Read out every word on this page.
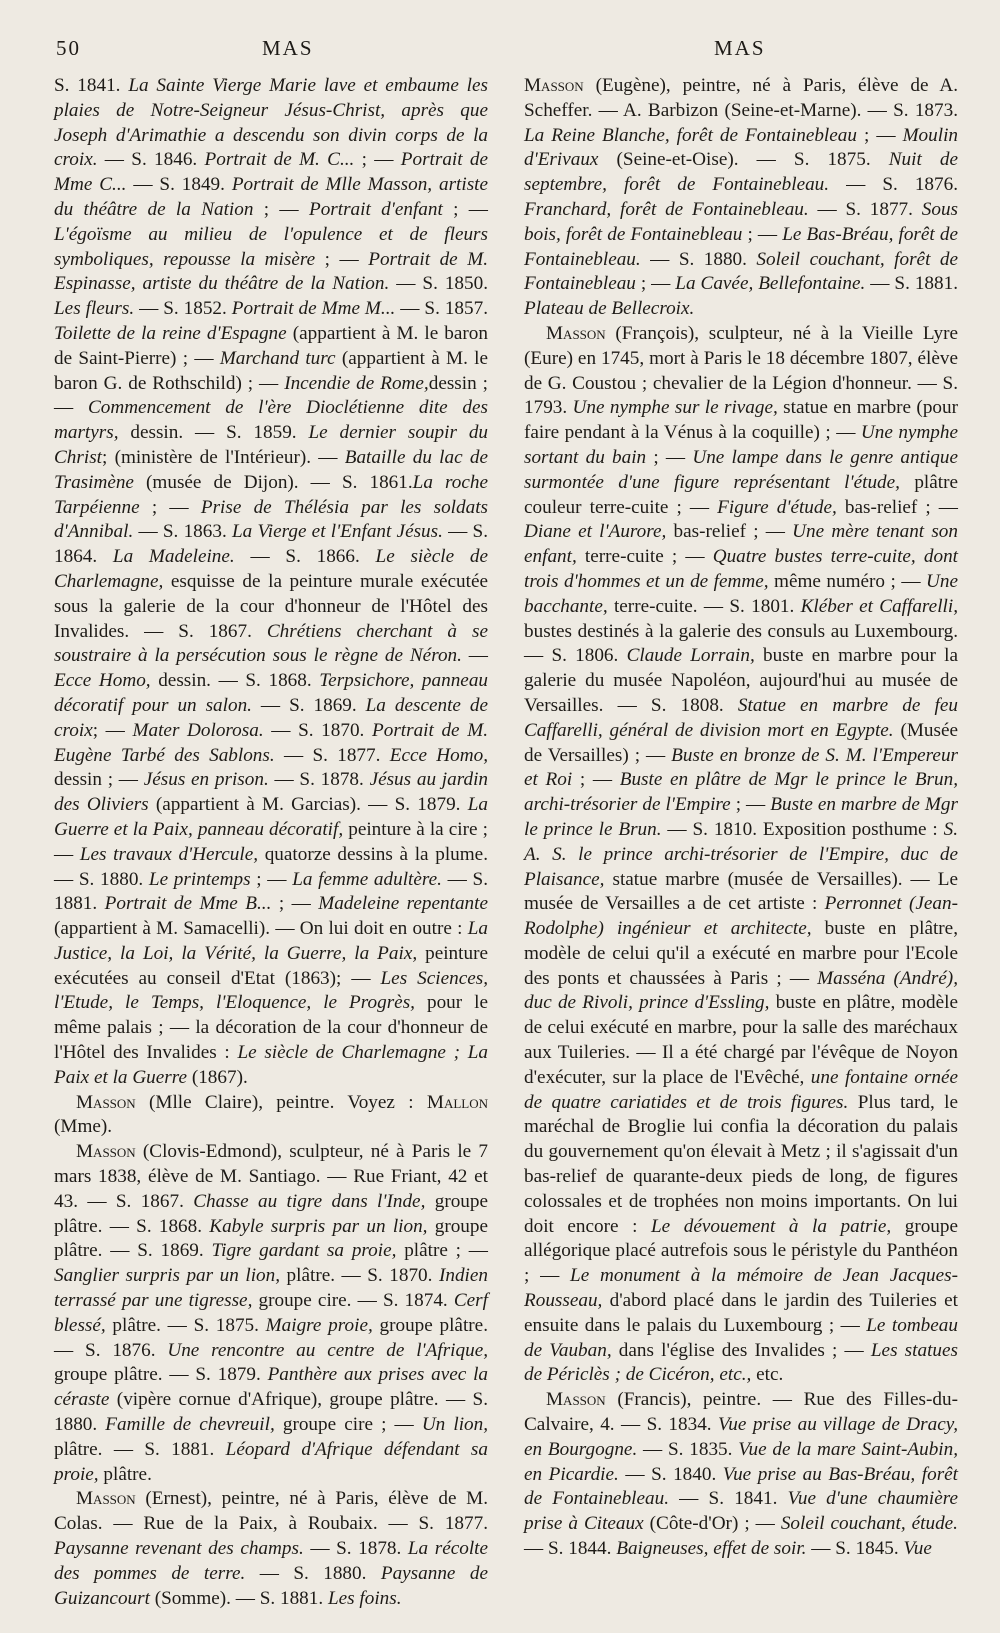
50	MAS	MAS

S. 1841. La Sainte Vierge Marie lave et embaume les plaies de Notre-Seigneur Jésus-Christ, après que Joseph d'Arimathie a descendu son divin corps de la croix. — S. 1846. Portrait de M. C... ; — Portrait de Mme C... — S. 1849. Portrait de Mlle Masson, artiste du théâtre de la Nation ; — Portrait d'enfant ; — L'égoïsme au milieu de l'opulence et de fleurs symboliques, repousse la misère ; — Portrait de M. Espinasse, artiste du théâtre de la Nation. — S. 1850. Les fleurs. — S. 1852. Portrait de Mme M... — S. 1857. Toilette de la reine d'Espagne (appartient à M. le baron de Saint-Pierre) ; — Marchand turc (appartient à M. le baron G. de Rothschild) ; — Incendie de Rome,dessin ; — Commencement de l'ère Dioclétienne dite des martyrs, dessin. — S. 1859. Le dernier soupir du Christ; (ministère de l'Intérieur). — Bataille du lac de Trasimène (musée de Dijon). — S. 1861.La roche Tarpéienne ; — Prise de Thélésia par les soldats d'Annibal. — S. 1863. La Vierge et l'Enfant Jésus. — S. 1864. La Madeleine. — S. 1866. Le siècle de Charlemagne, esquisse de la peinture murale exécutée sous la galerie de la cour d'honneur de l'Hôtel des Invalides. — S. 1867. Chrétiens cherchant à se soustraire à la persécution sous le règne de Néron. — Ecce Homo, dessin. — S. 1868. Terpsichore, panneau décoratif pour un salon. — S. 1869. La descente de croix; — Mater Dolorosa. — S. 1870. Portrait de M. Eugène Tarbé des Sablons. — S. 1877. Ecce Homo, dessin ; — Jésus en prison. — S. 1878. Jésus au jardin des Oliviers (appartient à M. Garcias). — S. 1879. La Guerre et la Paix, panneau décoratif, peinture à la cire ; — Les travaux d'Hercule, quatorze dessins à la plume. — S. 1880. Le printemps ; — La femme adultère. — S. 1881. Portrait de Mme B... ; — Madeleine repentante (appartient à M. Samacelli). — On lui doit en outre : La Justice, la Loi, la Vérité, la Guerre, la Paix, peinture exécutées au conseil d'Etat (1863); — Les Sciences, l'Etude, le Temps, l'Eloquence, le Progrès, pour le même palais ; — la décoration de la cour d'honneur de l'Hôtel des Invalides : Le siècle de Charlemagne ; La Paix et la Guerre (1867).

Masson (Mlle Claire), peintre. Voyez : Mallon (Mme).

Masson (Clovis-Edmond), sculpteur, né à Paris le 7 mars 1838, élève de M. Santiago. — Rue Friant, 42 et 43. — S. 1867. Chasse au tigre dans l'Inde, groupe plâtre. — S. 1868. Kabyle surpris par un lion, groupe plâtre. — S. 1869. Tigre gardant sa proie, plâtre ; — Sanglier surpris par un lion, plâtre. — S. 1870. Indien terrassé par une tigresse, groupe cire. — S. 1874. Cerf blessé, plâtre. — S. 1875. Maigre proie, groupe plâtre. — S. 1876. Une rencontre au centre de l'Afrique, groupe plâtre. — S. 1879. Panthère aux prises avec la céraste (vipère cornue d'Afrique), groupe plâtre. — S. 1880. Famille de chevreuil, groupe cire ; — Un lion, plâtre. — S. 1881. Léopard d'Afrique défendant sa proie, plâtre.

Masson (Ernest), peintre, né à Paris, élève de M. Colas. — Rue de la Paix, à Roubaix. — S. 1877. Paysanne revenant des champs. — S. 1878. La récolte des pommes de terre. — S. 1880. Paysanne de Guizancourt (Somme). — S. 1881. Les foins.

Masson (Eugène), peintre, né à Paris, élève de A. Scheffer. — A. Barbizon (Seine-et-Marne). — S. 1873. La Reine Blanche, forêt de Fontainebleau ; — Moulin d'Erivaux (Seine-et-Oise). — S. 1875. Nuit de septembre, forêt de Fontainebleau. — S. 1876. Franchard, forêt de Fontainebleau. — S. 1877. Sous bois, forêt de Fontainebleau ; — Le Bas-Bréau, forêt de Fontainebleau. — S. 1880. Soleil couchant, forêt de Fontainebleau ; — La Cavée, Bellefontaine. — S. 1881. Plateau de Bellecroix.

Masson (François), sculpteur, né à la Vieille Lyre (Eure) en 1745, mort à Paris le 18 décembre 1807, élève de G. Coustou ; chevalier de la Légion d'honneur. — S. 1793. Une nymphe sur le rivage, statue en marbre (pour faire pendant à la Vénus à la coquille) ; — Une nymphe sortant du bain ; — Une lampe dans le genre antique surmontée d'une figure représentant l'étude, plâtre couleur terre-cuite ; — Figure d'étude, bas-relief ; — Diane et l'Aurore, bas-relief ; — Une mère tenant son enfant, terre-cuite ; — Quatre bustes terre-cuite, dont trois d'hommes et un de femme, même numéro ; — Une bacchante, terre-cuite. — S. 1801. Kléber et Caffarelli, bustes destinés à la galerie des consuls au Luxembourg. — S. 1806. Claude Lorrain, buste en marbre pour la galerie du musée Napoléon, aujourd'hui au musée de Versailles. — S. 1808. Statue en marbre de feu Caffarelli, général de division mort en Egypte. (Musée de Versailles) ; — Buste en bronze de S. M. l'Empereur et Roi ; — Buste en plâtre de Mgr le prince le Brun, archi-trésorier de l'Empire ; — Buste en marbre de Mgr le prince le Brun. — S. 1810. Exposition posthume : S. A. S. le prince archi-trésorier de l'Empire, duc de Plaisance, statue marbre (musée de Versailles). — Le musée de Versailles a de cet artiste : Perronnet (Jean-Rodolphe) ingénieur et architecte, buste en plâtre, modèle de celui qu'il a exécuté en marbre pour l'Ecole des ponts et chaussées à Paris ; — Masséna (André), duc de Rivoli, prince d'Essling, buste en plâtre, modèle de celui exécuté en marbre, pour la salle des maréchaux aux Tuileries. — Il a été chargé par l'évêque de Noyon d'exécuter, sur la place de l'Evêché, une fontaine ornée de quatre cariatides et de trois figures. Plus tard, le maréchal de Broglie lui confia la décoration du palais du gouvernement qu'on élevait à Metz ; il s'agissait d'un bas-relief de quarante-deux pieds de long, de figures colossales et de trophées non moins importants. On lui doit encore : Le dévouement à la patrie, groupe allégorique placé autrefois sous le péristyle du Panthéon ; — Le monument à la mémoire de Jean Jacques-Rousseau, d'abord placé dans le jardin des Tuileries et ensuite dans le palais du Luxembourg ; — Le tombeau de Vauban, dans l'église des Invalides ; — Les statues de Périclès ; de Cicéron, etc., etc.

Masson (Francis), peintre. — Rue des Filles-du-Calvaire, 4. — S. 1834. Vue prise au village de Dracy, en Bourgogne. — S. 1835. Vue de la mare Saint-Aubin, en Picardie. — S. 1840. Vue prise au Bas-Bréau, forêt de Fontainebleau. — S. 1841. Vue d'une chaumière prise à Citeaux (Côte-d'Or) ; — Soleil couchant, étude. — S. 1844. Baigneuses, effet de soir. — S. 1845. Vue
